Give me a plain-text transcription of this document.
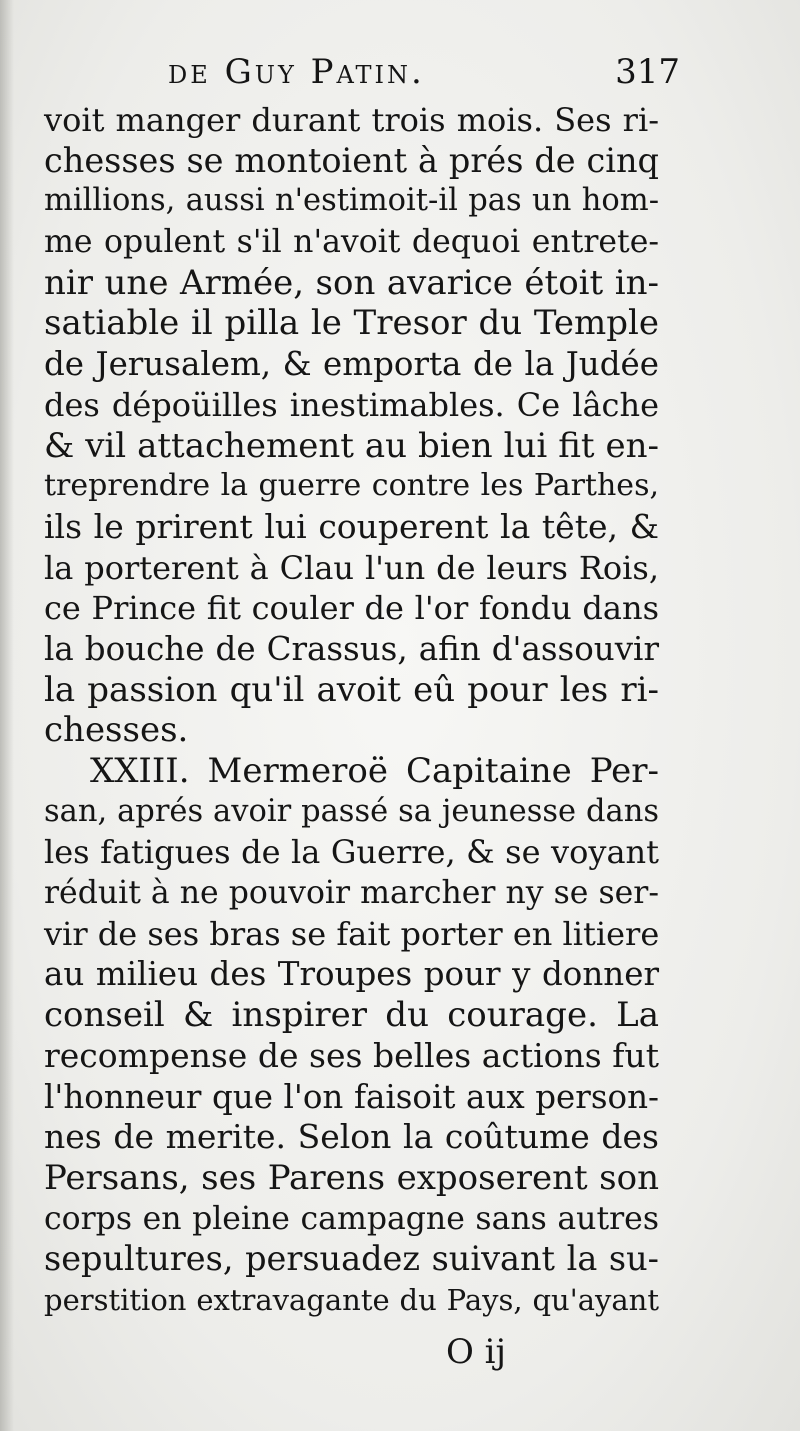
de Guy Patin.	317
voit manger durant trois mois. Ses ri-
chesses se montoient à prés de cinq
millions, aussi n'estimoit-il pas un hom-
me opulent s'il n'avoit dequoi entrete-
nir une Armée, son avarice étoit in-
satiable il pilla le Tresor du Temple
de Jerusalem, & emporta de la Judée
des dépoüilles inestimables. Ce lâche
& vil attachement au bien lui fit en-
treprendre la guerre contre les Parthes,
ils le prirent lui couperent la tête, &
la porterent à Clau l'un de leurs Rois,
ce Prince fit couler de l'or fondu dans
la bouche de Crassus, afin d'assouvir
la passion qu'il avoit eû pour les ri-
chesses.
XXIII. Mermeroë Capitaine Per-
san, aprés avoir passé sa jeunesse dans
les fatigues de la Guerre, & se voyant
réduit à ne pouvoir marcher ny se ser-
vir de ses bras se fait porter en litiere
au milieu des Troupes pour y donner
conseil & inspirer du courage. La
recompense de ses belles actions fut
l'honneur que l'on faisoit aux person-
nes de merite. Selon la coûtume des
Persans, ses Parens exposerent son
corps en pleine campagne sans autres
sepultures, persuadez suivant la su-
perstition extravagante du Pays, qu'ayant
O ij
